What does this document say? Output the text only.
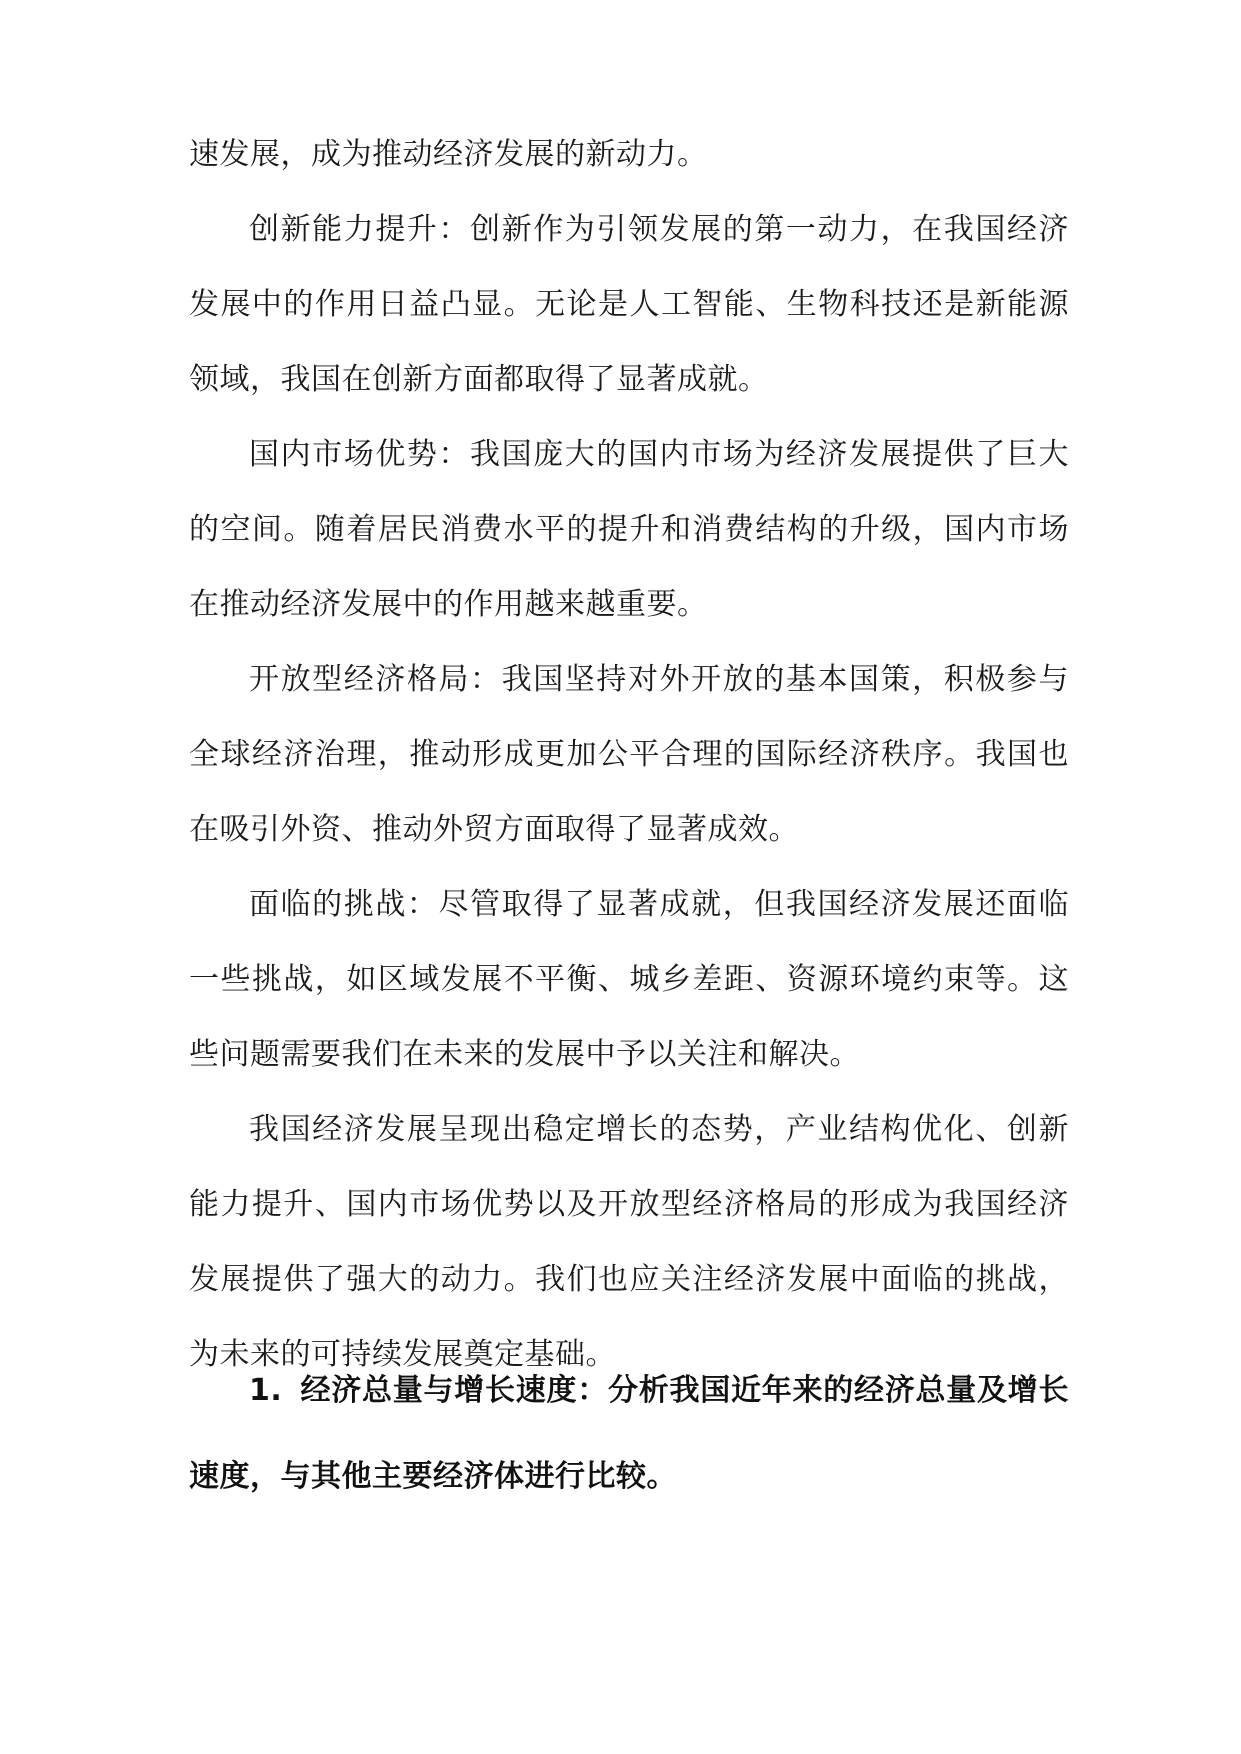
速发展，成为推动经济发展的新动力。

创新能力提升：创新作为引领发展的第一动力，在我国经济发展中的作用日益凸显。无论是人工智能、生物科技还是新能源领域，我国在创新方面都取得了显著成就。

国内市场优势：我国庞大的国内市场为经济发展提供了巨大的空间。随着居民消费水平的提升和消费结构的升级，国内市场在推动经济发展中的作用越来越重要。

开放型经济格局：我国坚持对外开放的基本国策，积极参与全球经济治理，推动形成更加公平合理的国际经济秩序。我国也在吸引外资、推动外贸方面取得了显著成效。

面临的挑战：尽管取得了显著成就，但我国经济发展还面临一些挑战，如区域发展不平衡、城乡差距、资源环境约束等。这些问题需要我们在未来的发展中予以关注和解决。

我国经济发展呈现出稳定增长的态势，产业结构优化、创新能力提升、国内市场优势以及开放型经济格局的形成为我国经济发展提供了强大的动力。我们也应关注经济发展中面临的挑战，为未来的可持续发展奠定基础。

1. 经济总量与增长速度：分析我国近年来的经济总量及增长速度，与其他主要经济体进行比较。
